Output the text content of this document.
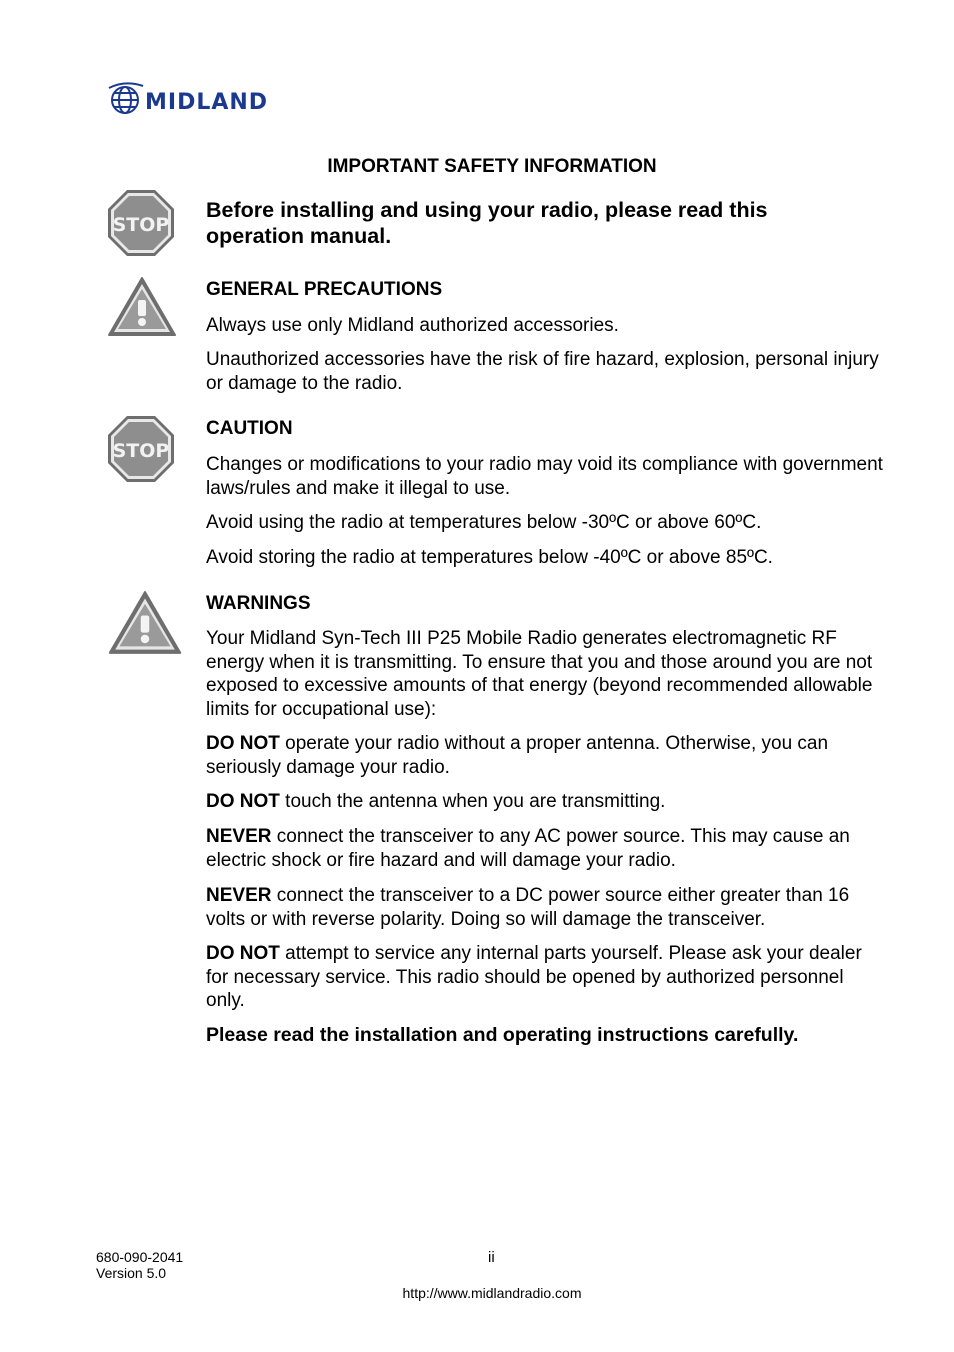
MIDLAND
IMPORTANT SAFETY INFORMATION
STOP
Before installing and using your radio, please read this operation manual.
GENERAL PRECAUTIONS
Always use only Midland authorized accessories.
Unauthorized accessories have the risk of fire hazard, explosion, personal injury or damage to the radio.
STOP
CAUTION
Changes or modifications to your radio may void its compliance with government laws/rules and make it illegal to use.
Avoid using the radio at temperatures below -30ºC or above 60ºC.
Avoid storing the radio at temperatures below -40ºC or above 85ºC.
WARNINGS
Your Midland Syn-Tech III P25 Mobile Radio generates electromagnetic RF energy when it is transmitting. To ensure that you and those around you are not exposed to excessive amounts of that energy (beyond recommended allowable limits for occupational use):
DO NOT operate your radio without a proper antenna. Otherwise, you can seriously damage your radio.
DO NOT touch the antenna when you are transmitting.
NEVER connect the transceiver to any AC power source. This may cause an electric shock or fire hazard and will damage your radio.
NEVER connect the transceiver to a DC power source either greater than 16 volts or with reverse polarity. Doing so will damage the transceiver.
DO NOT attempt to service any internal parts yourself. Please ask your dealer for necessary service. This radio should be opened by authorized personnel only.
Please read the installation and operating instructions carefully.
680-090-2041
Version 5.0
ii
http://www.midlandradio.com
